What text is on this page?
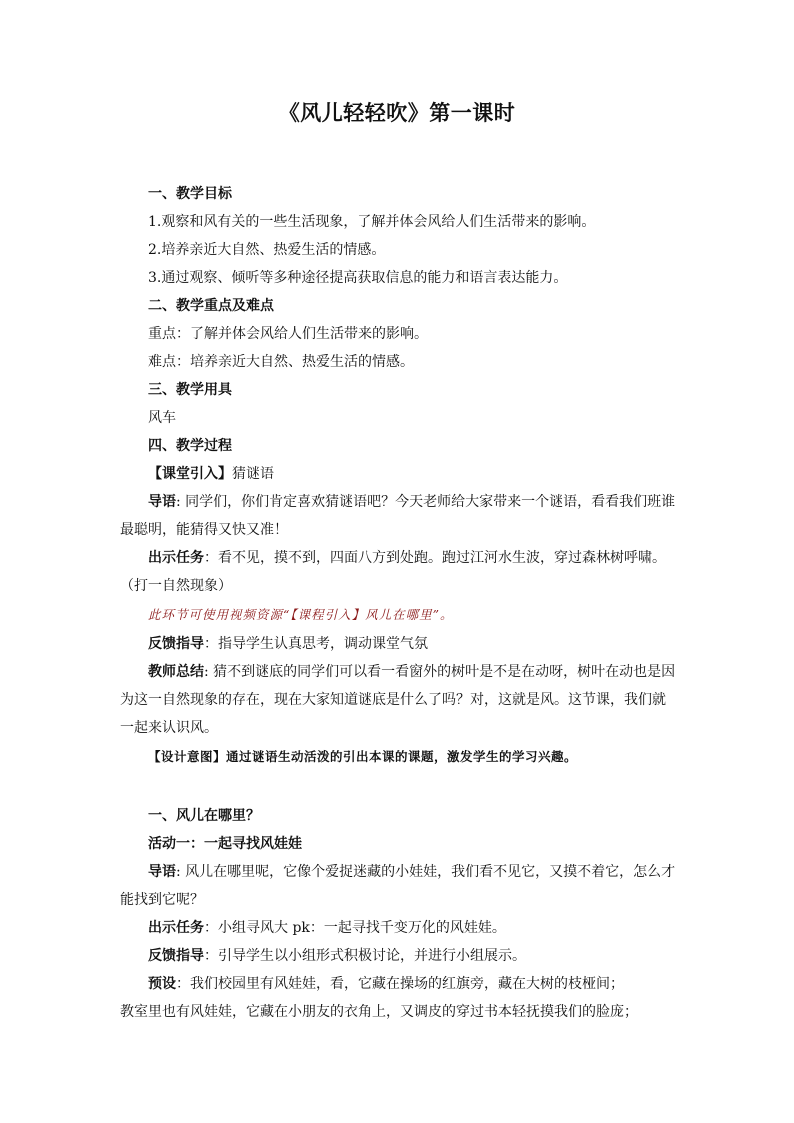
《风儿轻轻吹》第一课时
一、教学目标
1.观察和风有关的一些生活现象，了解并体会风给人们生活带来的影响。
2.培养亲近大自然、热爱生活的情感。
3.通过观察、倾听等多种途径提高获取信息的能力和语言表达能力。
二、教学重点及难点
重点：了解并体会风给人们生活带来的影响。
难点：培养亲近大自然、热爱生活的情感。
三、教学用具
风车
四、教学过程
【课堂引入】猜谜语
导语: 同学们，你们肯定喜欢猜谜语吧？今天老师给大家带来一个谜语，看看我们班谁最聪明，能猜得又快又准！
出示任务：看不见，摸不到，四面八方到处跑。跑过江河水生波，穿过森林树呼啸。（打一自然现象）
此环节可使用视频资源“【课程引入】风儿在哪里”。
反馈指导：指导学生认真思考，调动课堂气氛
教师总结: 猜不到谜底的同学们可以看一看窗外的树叶是不是在动呀，树叶在动也是因为这一自然现象的存在，现在大家知道谜底是什么了吗？对，这就是风。这节课，我们就一起来认识风。
【设计意图】通过谜语生动活泼的引出本课的课题，激发学生的学习兴趣。
一、风儿在哪里？
活动一：一起寻找风娃娃
导语: 风儿在哪里呢，它像个爱捉迷藏的小娃娃，我们看不见它，又摸不着它，怎么才能找到它呢？
出示任务：小组寻风大 pk：一起寻找千变万化的风娃娃。
反馈指导：引导学生以小组形式积极讨论，并进行小组展示。
预设：我们校园里有风娃娃，看，它藏在操场的红旗旁，藏在大树的枝桠间；
教室里也有风娃娃，它藏在小朋友的衣角上，又调皮的穿过书本轻抚摸我们的脸庞；
